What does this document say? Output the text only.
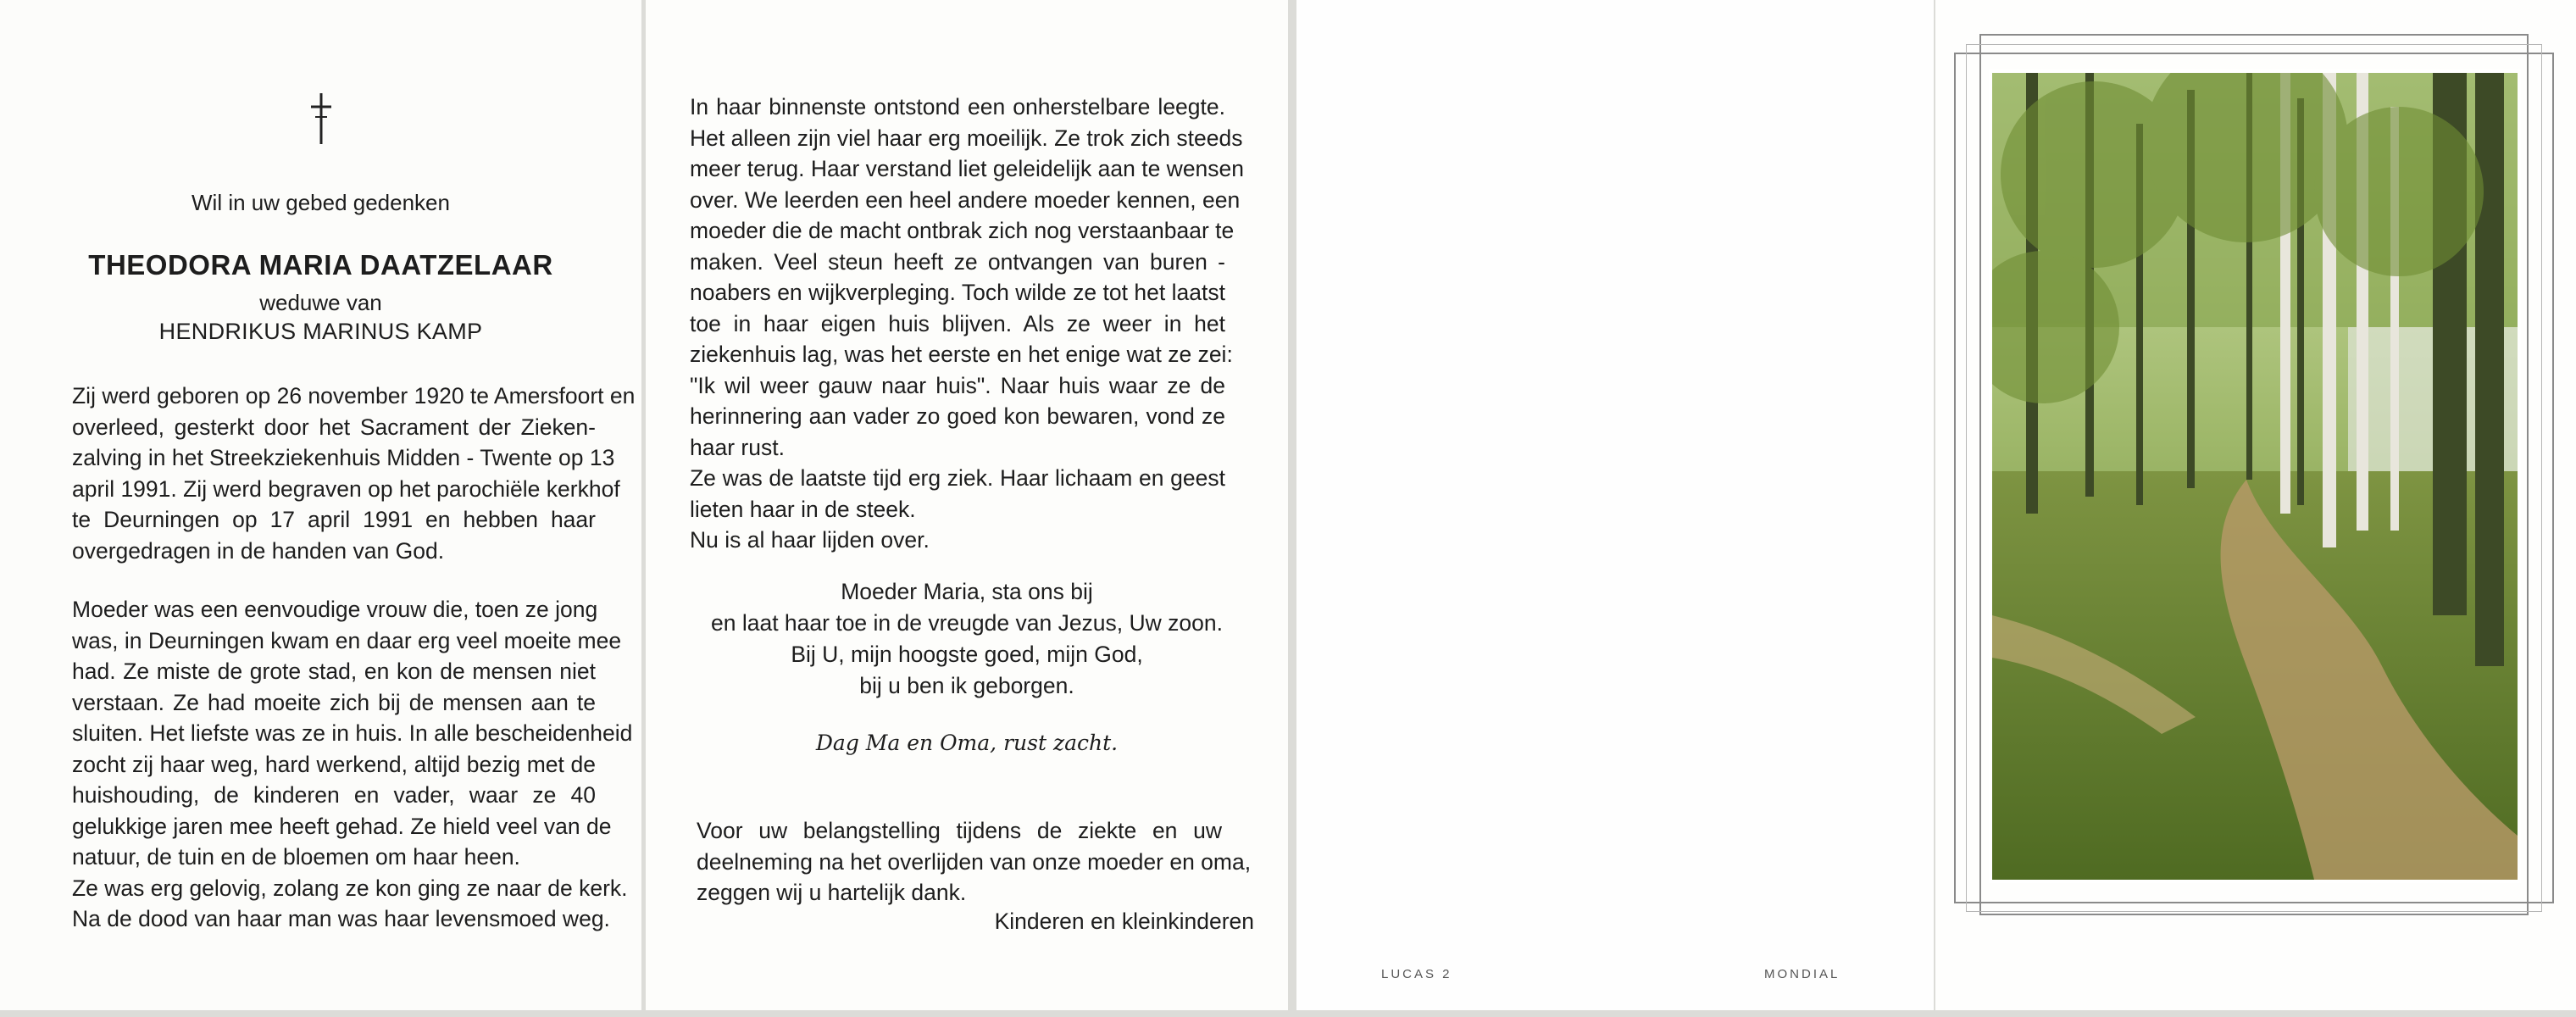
Wil in uw gebed gedenken
THEODORA MARIA DAATZELAAR
weduwe van
HENDRIKUS MARINUS KAMP
Zij werd geboren op 26 november 1920 te Amersfoort en
overleed, gesterkt door het Sacrament der Zieken-
zalving in het Streekziekenhuis Midden - Twente op 13
april 1991. Zij werd begraven op het parochiële kerkhof
te Deurningen op 17 april 1991 en hebben haar
overgedragen in de handen van God.
Moeder was een eenvoudige vrouw die, toen ze jong
was, in Deurningen kwam en daar erg veel moeite mee
had. Ze miste de grote stad, en kon de mensen niet
verstaan. Ze had moeite zich bij de mensen aan te
sluiten. Het liefste was ze in huis. In alle bescheidenheid
zocht zij haar weg, hard werkend, altijd bezig met de
huishouding, de kinderen en vader, waar ze 40
gelukkige jaren mee heeft gehad. Ze hield veel van de
natuur, de tuin en de bloemen om haar heen.
Ze was erg gelovig, zolang ze kon ging ze naar de kerk.
Na de dood van haar man was haar levensmoed weg.
In haar binnenste ontstond een onherstelbare leegte.
Het alleen zijn viel haar erg moeilijk. Ze trok zich steeds
meer terug. Haar verstand liet geleidelijk aan te wensen
over. We leerden een heel andere moeder kennen, een
moeder die de macht ontbrak zich nog verstaanbaar te
maken. Veel steun heeft ze ontvangen van buren -
noabers en wijkverpleging. Toch wilde ze tot het laatst
toe in haar eigen huis blijven. Als ze weer in het
ziekenhuis lag, was het eerste en het enige wat ze zei:
"Ik wil weer gauw naar huis". Naar huis waar ze de
herinnering aan vader zo goed kon bewaren, vond ze
haar rust.
Ze was de laatste tijd erg ziek. Haar lichaam en geest
lieten haar in de steek.
Nu is al haar lijden over.
Moeder Maria, sta ons bij
en laat haar toe in de vreugde van Jezus, Uw zoon.
Bij U, mijn hoogste goed, mijn God,
bij u ben ik geborgen.
Dag Ma en Oma, rust zacht.
Voor uw belangstelling tijdens de ziekte en uw
deelneming na het overlijden van onze moeder en oma,
zeggen wij u hartelijk dank.
Kinderen en kleinkinderen
LUCAS 2	MONDIAL
